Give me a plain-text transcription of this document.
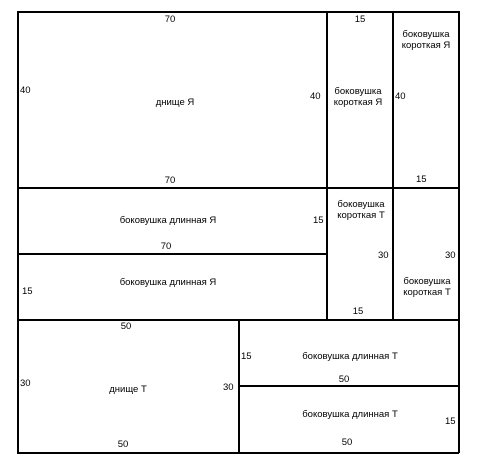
70
40
днище Я
40
70
15
боковушка короткая Я
боковушка короткая Я
40
15
боковушка длинная Я	15
70
боковушка длинная Я
15
боковушка короткая Т
30
15
30
боковушка короткая Т
50
30
днище Т	30
50
15	боковушка длинная Т
50
боковушка длинная Т
15
50
